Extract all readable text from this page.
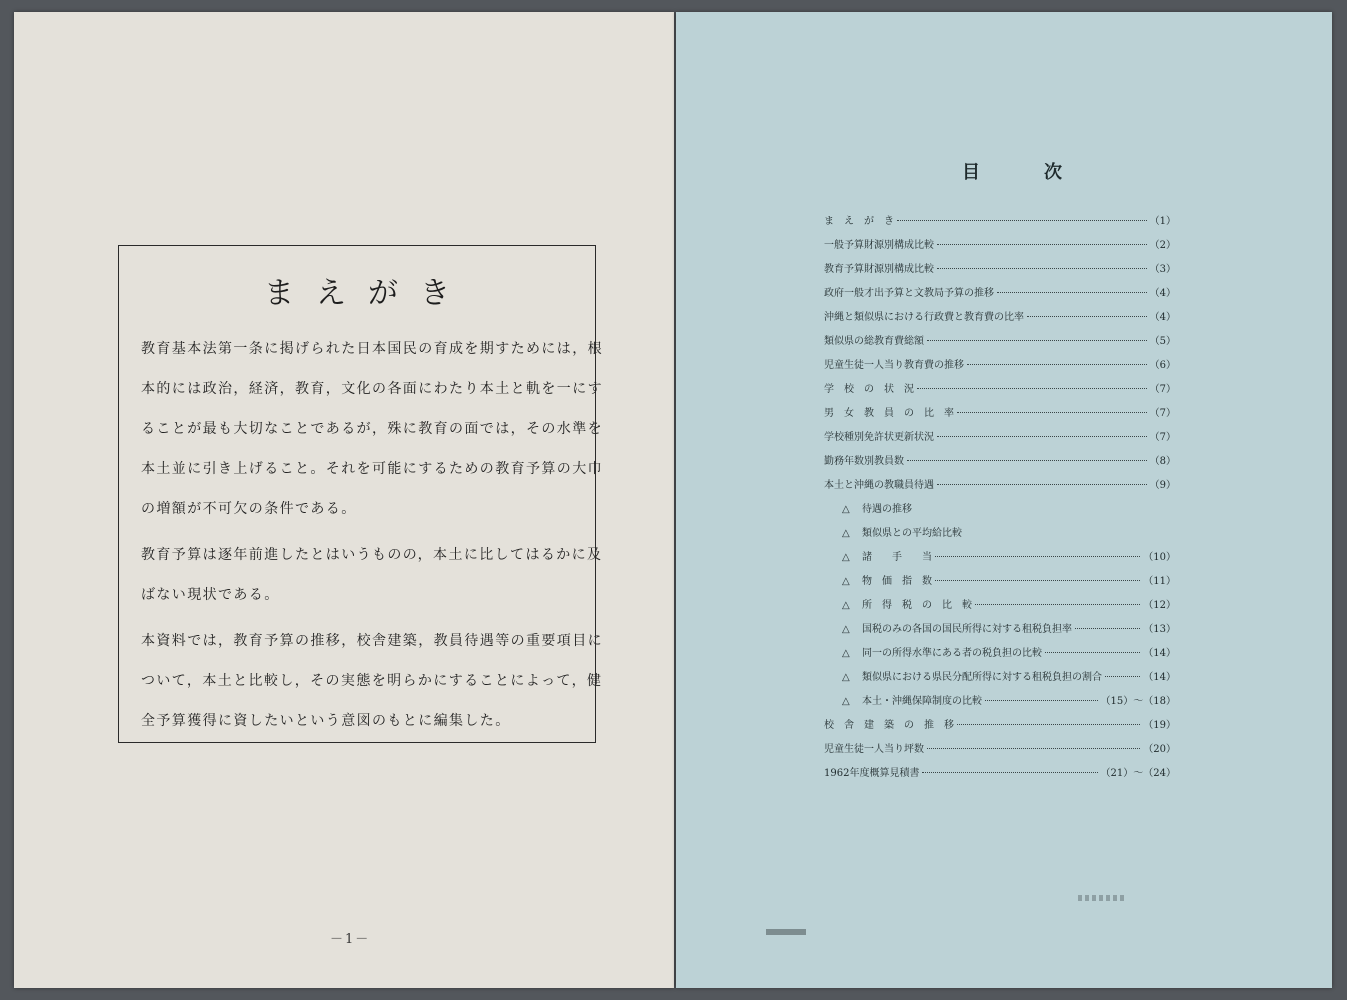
まえがき
教育基本法第一条に掲げられた日本国民の育成を期すためには，根
本的には政治，経済，教育，文化の各面にわたり本土と軌を一にす
ることが最も大切なことであるが，殊に教育の面では，その水準を
本土並に引き上げること。それを可能にするための教育予算の大巾
の増額が不可欠の条件である。
教育予算は逐年前進したとはいうものの，本土に比してはるかに及
ばない現状である。
本資料では，教育予算の推移，校舎建築，教員待遇等の重要項目に
ついて，本土と比較し，その実態を明らかにすることによって，健
全予算獲得に資したいという意図のもとに編集した。
－1－
目次
ま　え　が　き	（1）
一般予算財源別構成比較	（2）
教育予算財源別構成比較	（3）
政府一般才出予算と文教局予算の推移	（4）
沖縄と類似県における行政費と教育費の比率	（4）
類似県の総教育費総額	（5）
児童生徒一人当り教育費の推移	（6）
学　校　の　状　況	（7）
男　女　教　員　の　比　率	（7）
学校種別免許状更新状況	（7）
勤務年数別教員数	（8）
本土と沖縄の教職員待遇	（9）
△	待遇の推移
△	類似県との平均給比較
△	諸　　手　　当	（10）
△	物　価　指　数	（11）
△	所　得　税　の　比　較	（12）
△	国税のみの各国の国民所得に対する租税負担率	（13）
△	同一の所得水準にある者の税負担の比較	（14）
△	類似県における県民分配所得に対する租税負担の割合	（14）
△	本土・沖縄保障制度の比較	（15）～（18）
校　舎　建　築　の　推　移	（19）
児童生徒一人当り坪数	（20）
1962年度概算見積書	（21）～（24）
